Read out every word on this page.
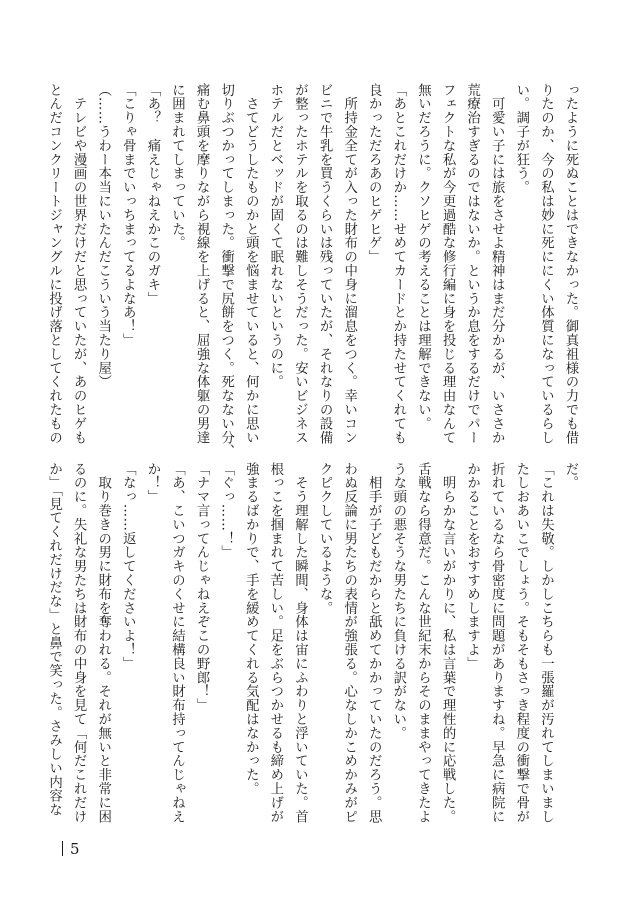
ったように死ぬことはできなかった。御真祖様の力でも借
りたのか、今の私は妙に死ににくい体質になっているらし
い。調子が狂う。
　可愛い子には旅をさせよ精神はまだ分かるが、いささか
荒療治すぎるのではないか。というか息をするだけでパー
フェクトな私が今更過酷な修行編に身を投じる理由なんて
無いだろうに。クソヒゲの考えることは理解できない。
「あとこれだけか……せめてカードとか持たせてくれても
良かっただろあのヒゲヒゲ」
　所持金全てが入った財布の中身に溜息をつく。幸いコン
ビニで牛乳を買うくらいは残っていたが、それなりの設備
が整ったホテルを取るのは難しそうだった。安いビジネス
ホテルだとベッドが固くて眠れないというのに。
　さてどうしたものかと頭を悩ませていると、何かに思い
切りぶつかってしまった。衝撃で尻餅をつく。死なない分、
痛む鼻頭を摩りながら視線を上げると、屈強な体躯の男達
に囲まれてしまっていた。
「あ？　痛えじゃねえかこのガキ」
「こりゃ骨までいっちまってるよなあ！」
（……うわー本当にいたんだこういう当たり屋）
　テレビや漫画の世界だけだと思っていたが、あのヒゲも
とんだコンクリートジャングルに投げ落としてくれたもの
だ。
「これは失敬。しかしこちらも一張羅が汚れてしまいまし
たしおあいこでしょう。そもそもさっき程度の衝撃で骨が
折れているなら骨密度に問題がありますね。早急に病院に
かかることをおすすめしますよ」
　明らかな言いがかりに、私は言葉で理性的に応戦した。
舌戦なら得意だ。こんな世紀末からそのままやってきたよ
うな頭の悪そうな男たちに負ける訳がない。
　相手が子どもだからと舐めてかかっていたのだろう。思
わぬ反論に男たちの表情が強張る。心なしかこめかみがピ
クピクしているような。
　そう理解した瞬間、身体は宙にふわりと浮いていた。首
根っこを掴まれて苦しい。足をぶらつかせるも締め上げが
強まるばかりで、手を緩めてくれる気配はなかった。
「ぐっ……！」
「ナマ言ってんじゃねえぞこの野郎！」
「あ、こいつガキのくせに結構良い財布持ってんじゃねえ
か！」
「なっ……返してくださいよ！」
　取り巻きの男に財布を奪われる。それが無いと非常に困
るのに。失礼な男たちは財布の中身を見て「何だこれだけ
か」「見てくれだけだな」と鼻で笑った。さみしい内容な
5
